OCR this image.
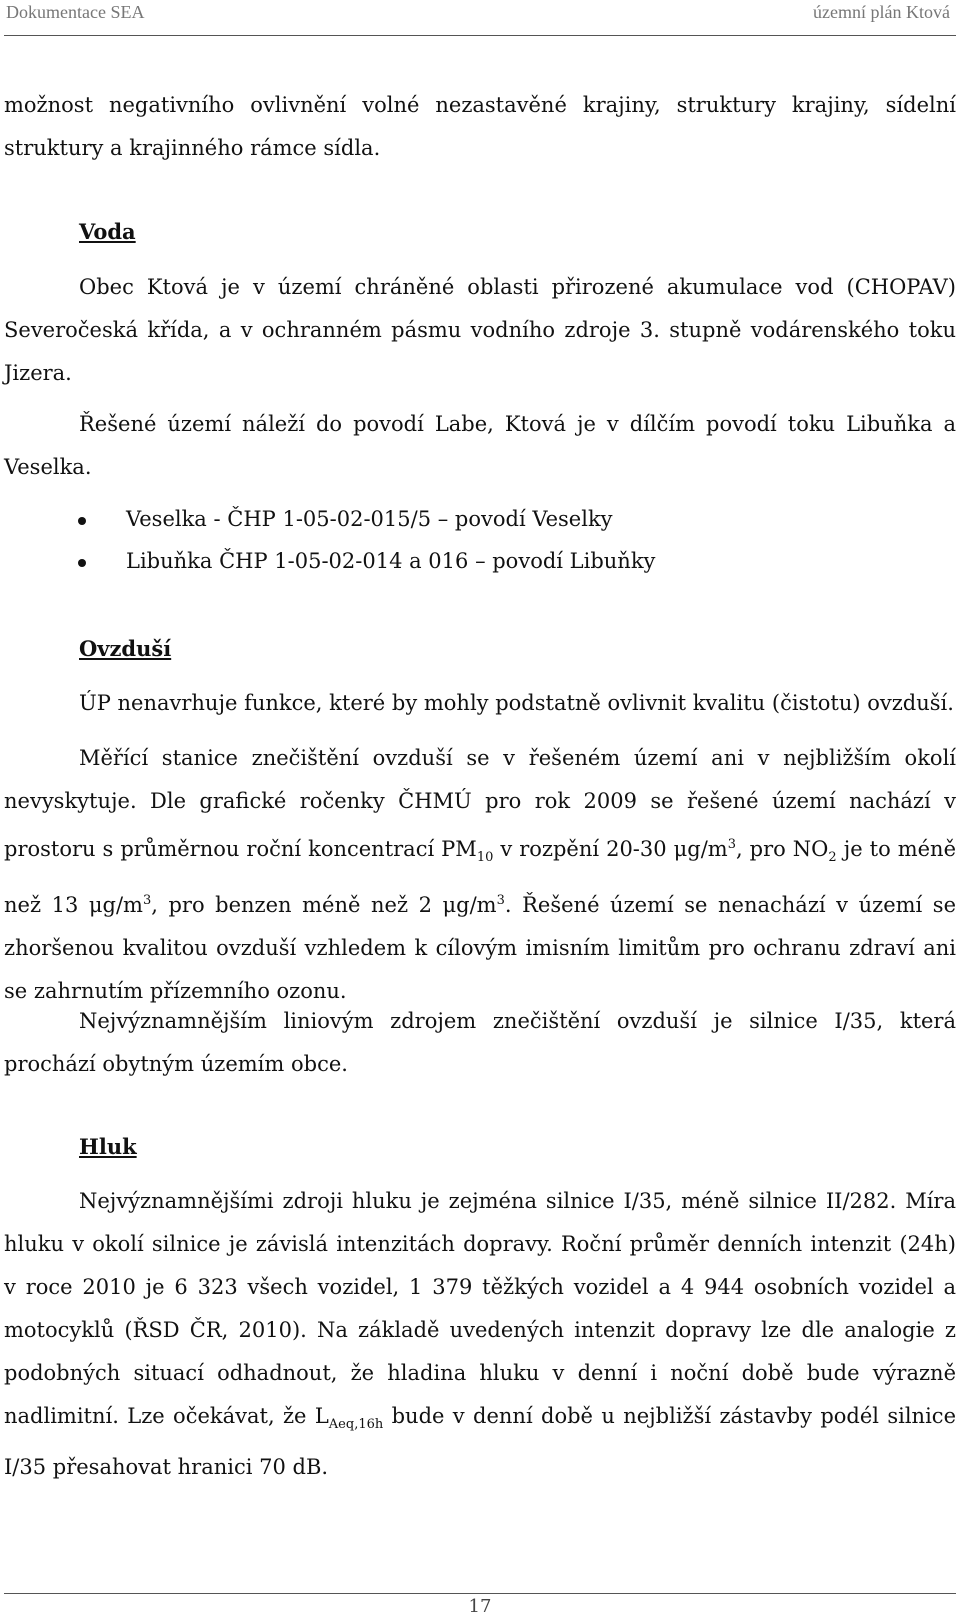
Dokumentace SEA	územní plán Ktová

možnost negativního ovlivnění volné nezastavěné krajiny, struktury krajiny, sídelní struktury a krajinného rámce sídla.

Voda

Obec Ktová je v území chráněné oblasti přirozené akumulace vod (CHOPAV) Severočeská křída, a v ochranném pásmu vodního zdroje 3. stupně vodárenského toku Jizera.

Řešené území náleží do povodí Labe, Ktová je v dílčím povodí toku Libuňka a Veselka.

Veselka - ČHP 1-05-02-015/5 – povodí Veselky
Libuňka ČHP 1-05-02-014 a 016 – povodí Libuňky
Ovzduší

ÚP nenavrhuje funkce, které by mohly podstatně ovlivnit kvalitu (čistotu) ovzduší.

Měřící stanice znečištění ovzduší se v řešeném území ani v nejbližším okolí nevyskytuje. Dle grafické ročenky ČHMÚ pro rok 2009 se řešené území nachází v prostoru s průměrnou roční koncentrací $PM_{10}$ v rozpění 20-30 $\mu g/m^3$, pro $NO_2$ je to méně než 13 $\mu g/m^3$, pro benzen méně než 2 $\mu g/m^3$. Řešené území se nenachází v území se zhoršenou kvalitou ovzduší vzhledem k cílovým imisním limitům pro ochranu zdraví ani se zahrnutím přízemního ozonu.

Nejvýznamnějším liniovým zdrojem znečištění ovzduší je silnice I/35, která prochází obytným územím obce.

Hluk

Nejvýznamnějšími zdroji hluku je zejména silnice I/35, méně silnice II/282. Míra hluku v okolí silnice je závislá intenzitách dopravy. Roční průměr denních intenzit (24h) v roce 2010 je 6 323 všech vozidel, 1 379 těžkých vozidel a 4 944 osobních vozidel a motocyklů (ŘSD ČR, 2010). Na základě uvedených intenzit dopravy lze dle analogie z podobných situací odhadnout, že hladina hluku v denní i noční době bude výrazně nadlimitní. Lze očekávat, že $L_{Aeq,16h}$ bude v denní době u nejbližší zástavby podél silnice I/35 přesahovat hranici 70 dB.

17
